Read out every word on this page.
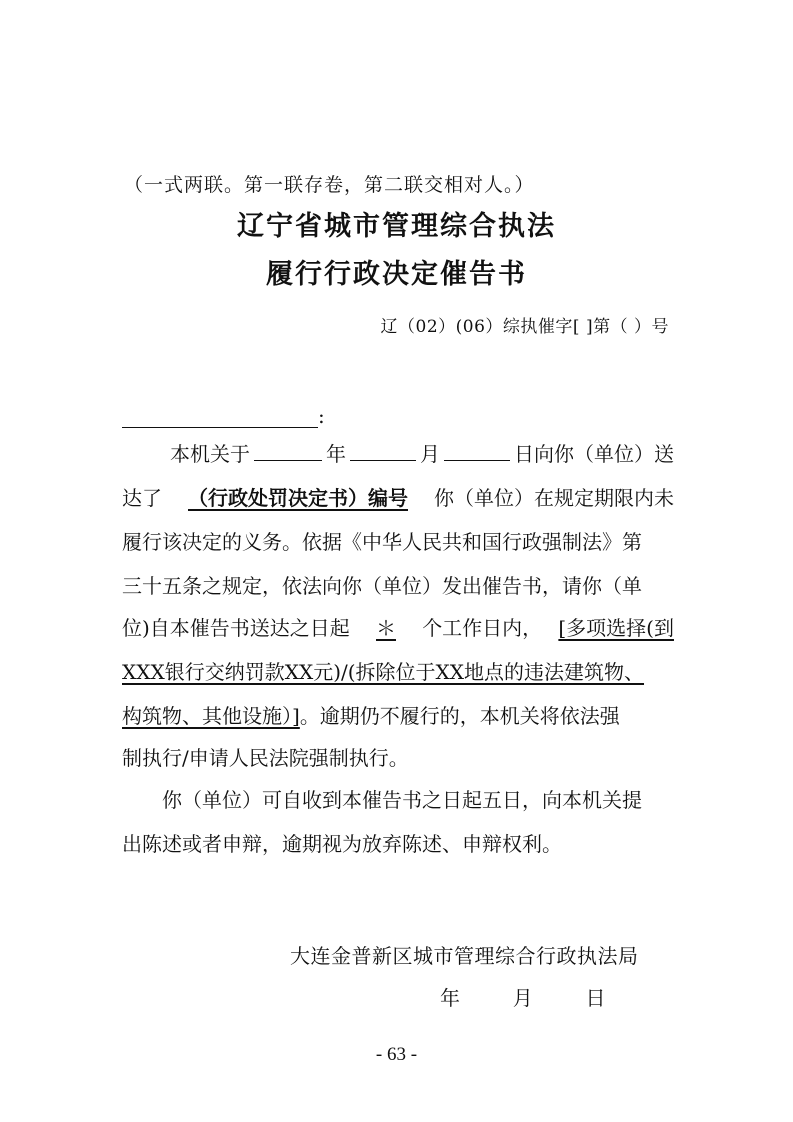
（一式两联。第一联存卷，第二联交相对人。）
辽宁省城市管理综合执法
履行行政决定催告书
辽（02）(06）综执催字[ ]第（ ）号
:
本机关于	年	月	日向你（单位）送
达了 （行政处罚决定书）编号 你（单位）在规定期限内未
履行该决定的义务。依据《中华人民共和国行政强制法》第
三十五条之规定，依法向你（单位）发出催告书，请你（单
位)自本催告书送达之日起	＊	个工作日内， [多项选择(到
XXX银行交纳罚款XX元)/(拆除位于XX地点的违法建筑物、
构筑物、其他设施）] 。逾期仍不履行的，本机关将依法强
制执行/申请人民法院强制执行。
你（单位）可自收到本催告书之日起五日，向本机关提
出陈述或者申辩，逾期视为放弃陈述、申辩权利。
大连金普新区城市管理综合行政执法局
年	月	日
- 63 -
